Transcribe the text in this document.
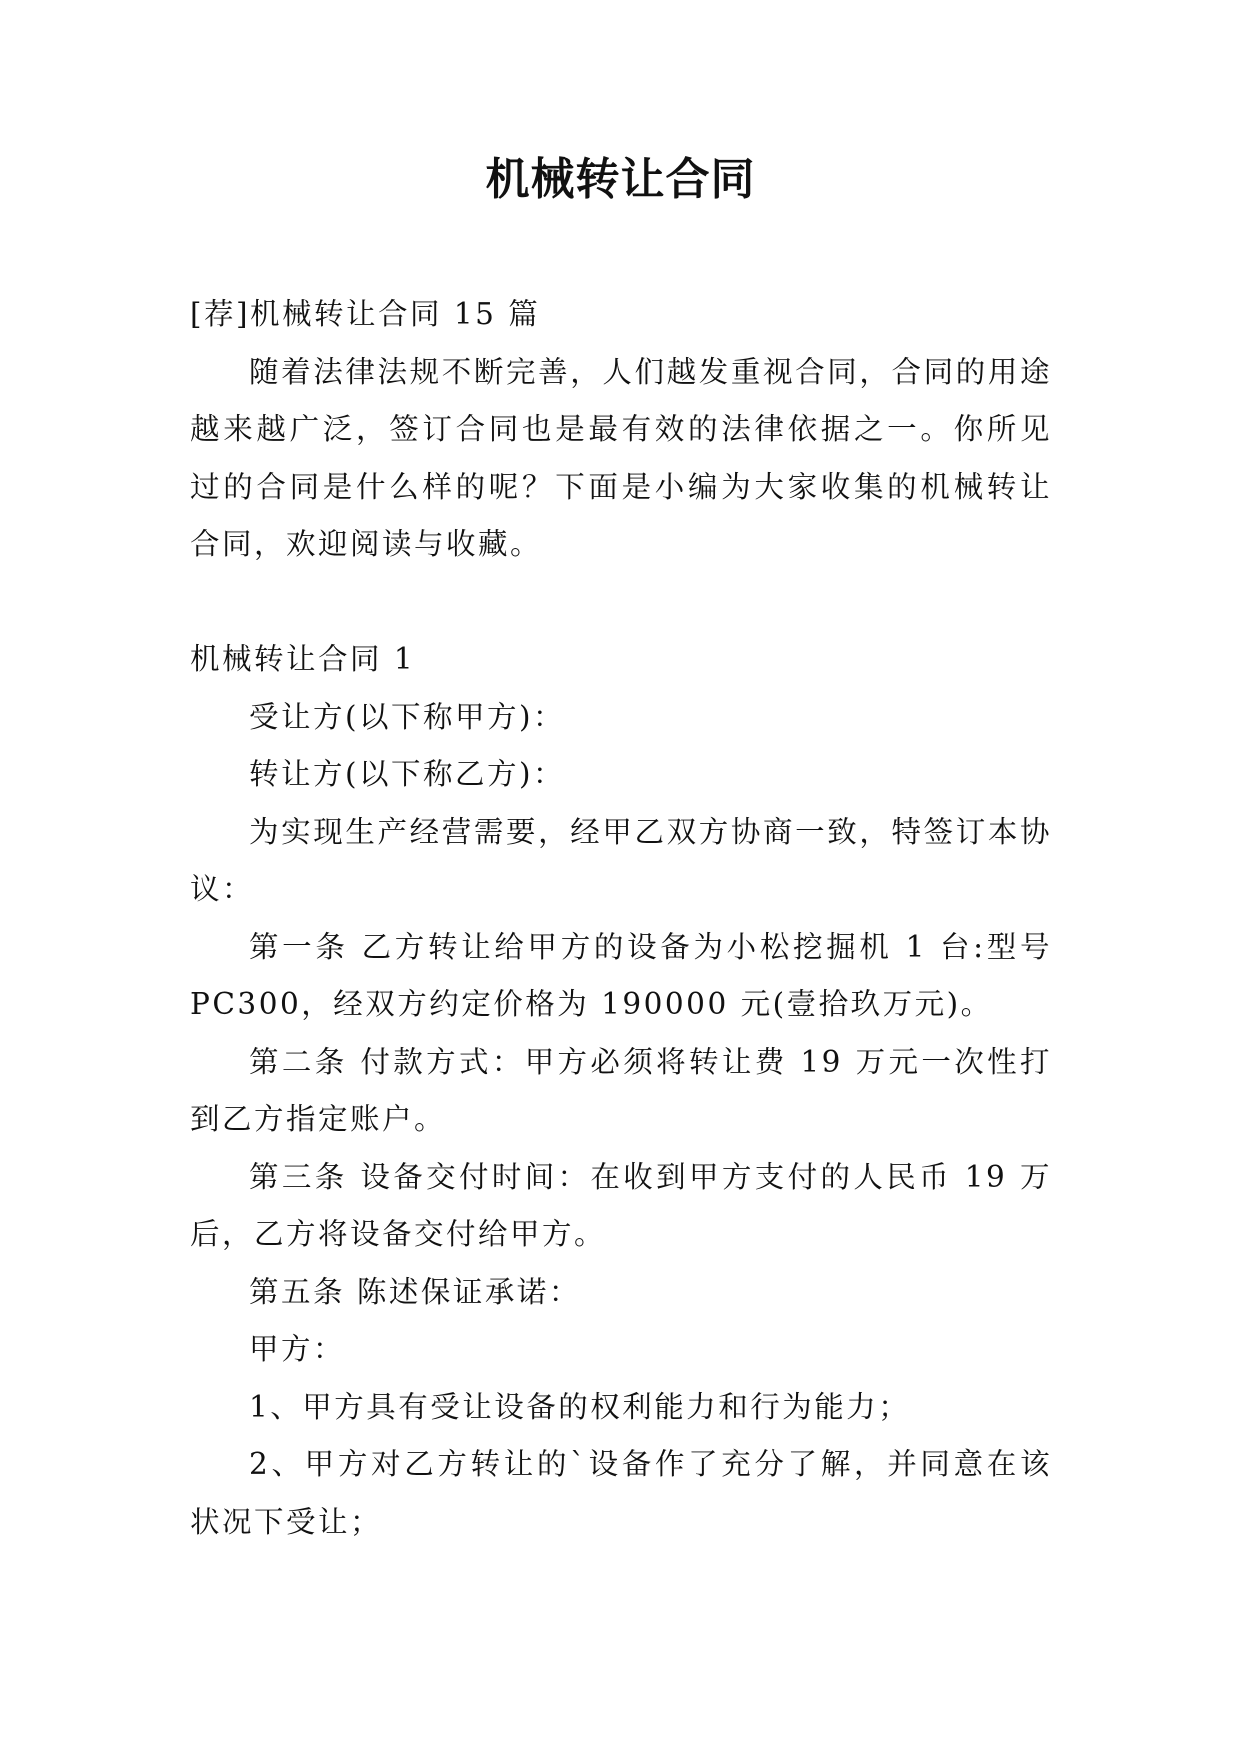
机械转让合同

[荐]机械转让合同 15 篇

随着法律法规不断完善，人们越发重视合同，合同的用途越来越广泛，签订合同也是最有效的法律依据之一。你所见过的合同是什么样的呢？下面是小编为大家收集的机械转让合同，欢迎阅读与收藏。

机械转让合同 1

受让方(以下称甲方)：

转让方(以下称乙方)：

为实现生产经营需要，经甲乙双方协商一致，特签订本协议：

第一条 乙方转让给甲方的设备为小松挖掘机 1 台:型号PC300，经双方约定价格为 190000 元(壹拾玖万元)。

第二条 付款方式：甲方必须将转让费 19 万元一次性打到乙方指定账户。

第三条 设备交付时间：在收到甲方支付的人民币 19 万后，乙方将设备交付给甲方。

第五条 陈述保证承诺：

甲方：

1、甲方具有受让设备的权利能力和行为能力；

2、甲方对乙方转让的`设备作了充分了解，并同意在该状况下受让；
